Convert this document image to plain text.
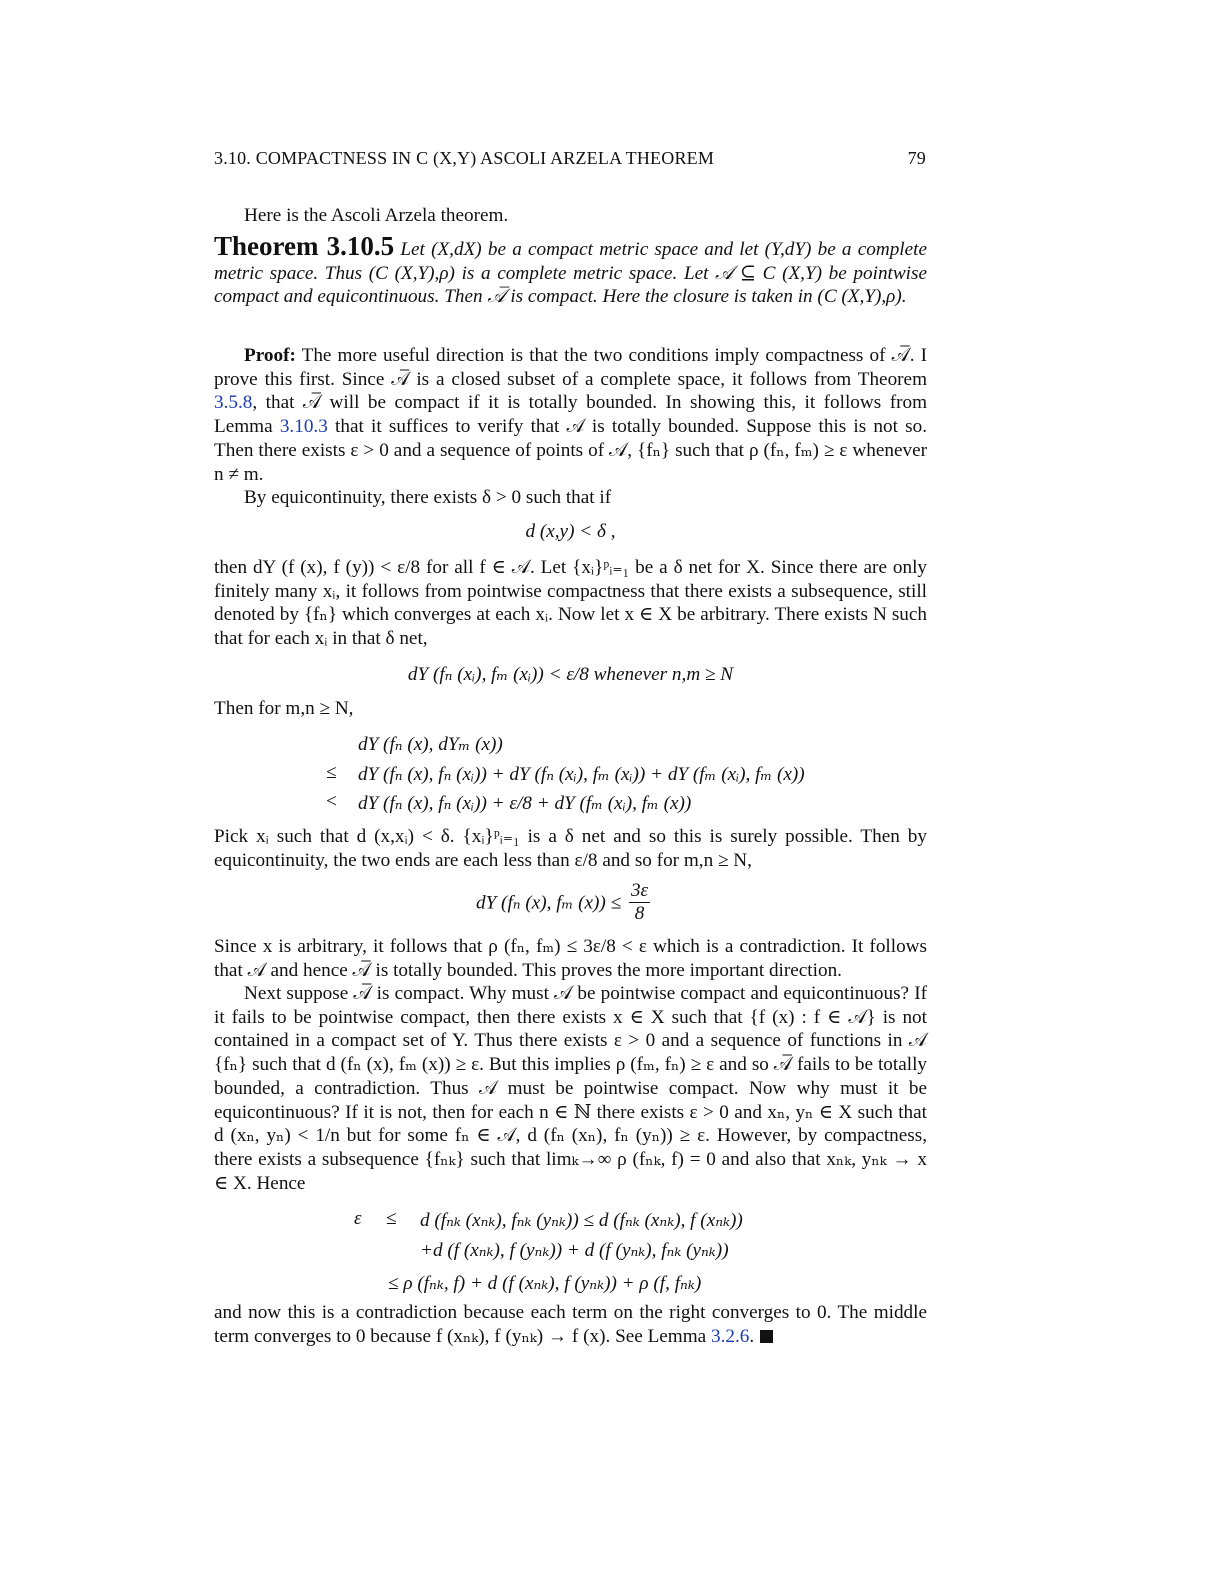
3.10. COMPACTNESS IN C (X,Y) ASCOLI ARZELA THEOREM	79
Here is the Ascoli Arzela theorem.
Theorem 3.10.5 Let (X,dX) be a compact metric space and let (Y,dY) be a complete metric space. Thus (C (X,Y),ρ) is a complete metric space. Let 𝒜 ⊆ C (X,Y) be pointwise compact and equicontinuous. Then 𝒜̅ is compact. Here the closure is taken in (C (X,Y),ρ).
Proof: The more useful direction is that the two conditions imply compactness of 𝒜̅. I prove this first. Since 𝒜̅ is a closed subset of a complete space, it follows from Theorem 3.5.8, that 𝒜̅ will be compact if it is totally bounded. In showing this, it follows from Lemma 3.10.3 that it suffices to verify that 𝒜 is totally bounded. Suppose this is not so. Then there exists ε > 0 and a sequence of points of 𝒜, {fₙ} such that ρ (fₙ, fₘ) ≥ ε whenever n ≠ m.
By equicontinuity, there exists δ > 0 such that if
d (x,y) < δ ,
then dY (f (x), f (y)) < ε/8 for all f ∈ 𝒜. Let {xᵢ}ᵖᵢ₌₁ be a δ net for X. Since there are only finitely many xᵢ, it follows from pointwise compactness that there exists a subsequence, still denoted by {fₙ} which converges at each xᵢ. Now let x ∈ X be arbitrary. There exists N such that for each xᵢ in that δ net,
dY (fₙ (xᵢ), fₘ (xᵢ)) < ε/8 whenever n,m ≥ N
Then for m,n ≥ N,
dY (fₙ (x), dYₘ (x))
≤ dY (fₙ (x), fₙ (xᵢ)) + dY (fₙ (xᵢ), fₘ (xᵢ)) + dY (fₘ (xᵢ), fₘ (x))
< dY (fₙ (x), fₙ (xᵢ)) + ε/8 + dY (fₘ (xᵢ), fₘ (x))
Pick xᵢ such that d (x,xᵢ) < δ. {xᵢ}ᵖᵢ₌₁ is a δ net and so this is surely possible. Then by equicontinuity, the two ends are each less than ε/8 and so for m,n ≥ N,
dY (fₙ (x), fₘ $(x)) \le \frac{3\varepsilon}{8}$
Since x is arbitrary, it follows that ρ (fₙ, fₘ) ≤ 3ε/8 < ε which is a contradiction. It follows that 𝒜 and hence 𝒜̅ is totally bounded. This proves the more important direction.
Next suppose 𝒜̅ is compact. Why must 𝒜 be pointwise compact and equicontinuous? If it fails to be pointwise compact, then there exists x ∈ X such that {f (x) : f ∈ 𝒜} is not contained in a compact set of Y. Thus there exists ε > 0 and a sequence of functions in 𝒜 {fₙ} such that d (fₙ (x), fₘ (x)) ≥ ε. But this implies ρ (fₘ, fₙ) ≥ ε and so 𝒜̅ fails to be totally bounded, a contradiction. Thus 𝒜 must be pointwise compact. Now why must it be equicontinuous? If it is not, then for each n ∈ ℕ there exists ε > 0 and xₙ, yₙ ∈ X such that d (xₙ, yₙ) < 1/n but for some fₙ ∈ 𝒜, d (fₙ (xₙ), fₙ (yₙ)) ≥ ε. However, by compactness, there exists a subsequence {fₙₖ} such that limₖ→∞ ρ (fₙₖ, f) = 0 and also that xₙₖ, yₙₖ → x ∈ X. Hence
ε ≤ d (fₙₖ (xₙₖ), fₙₖ (yₙₖ)) ≤ d (fₙₖ (xₙₖ), f (xₙₖ))
+d (f (xₙₖ), f (yₙₖ)) + d (f (yₙₖ), fₙₖ (yₙₖ))
≤ ρ (fₙₖ, f) + d (f (xₙₖ), f (yₙₖ)) + ρ (f, fₙₖ)
and now this is a contradiction because each term on the right converges to 0. The middle term converges to 0 because f (xₙₖ), f (yₙₖ) → f (x). See Lemma 3.2.6.
